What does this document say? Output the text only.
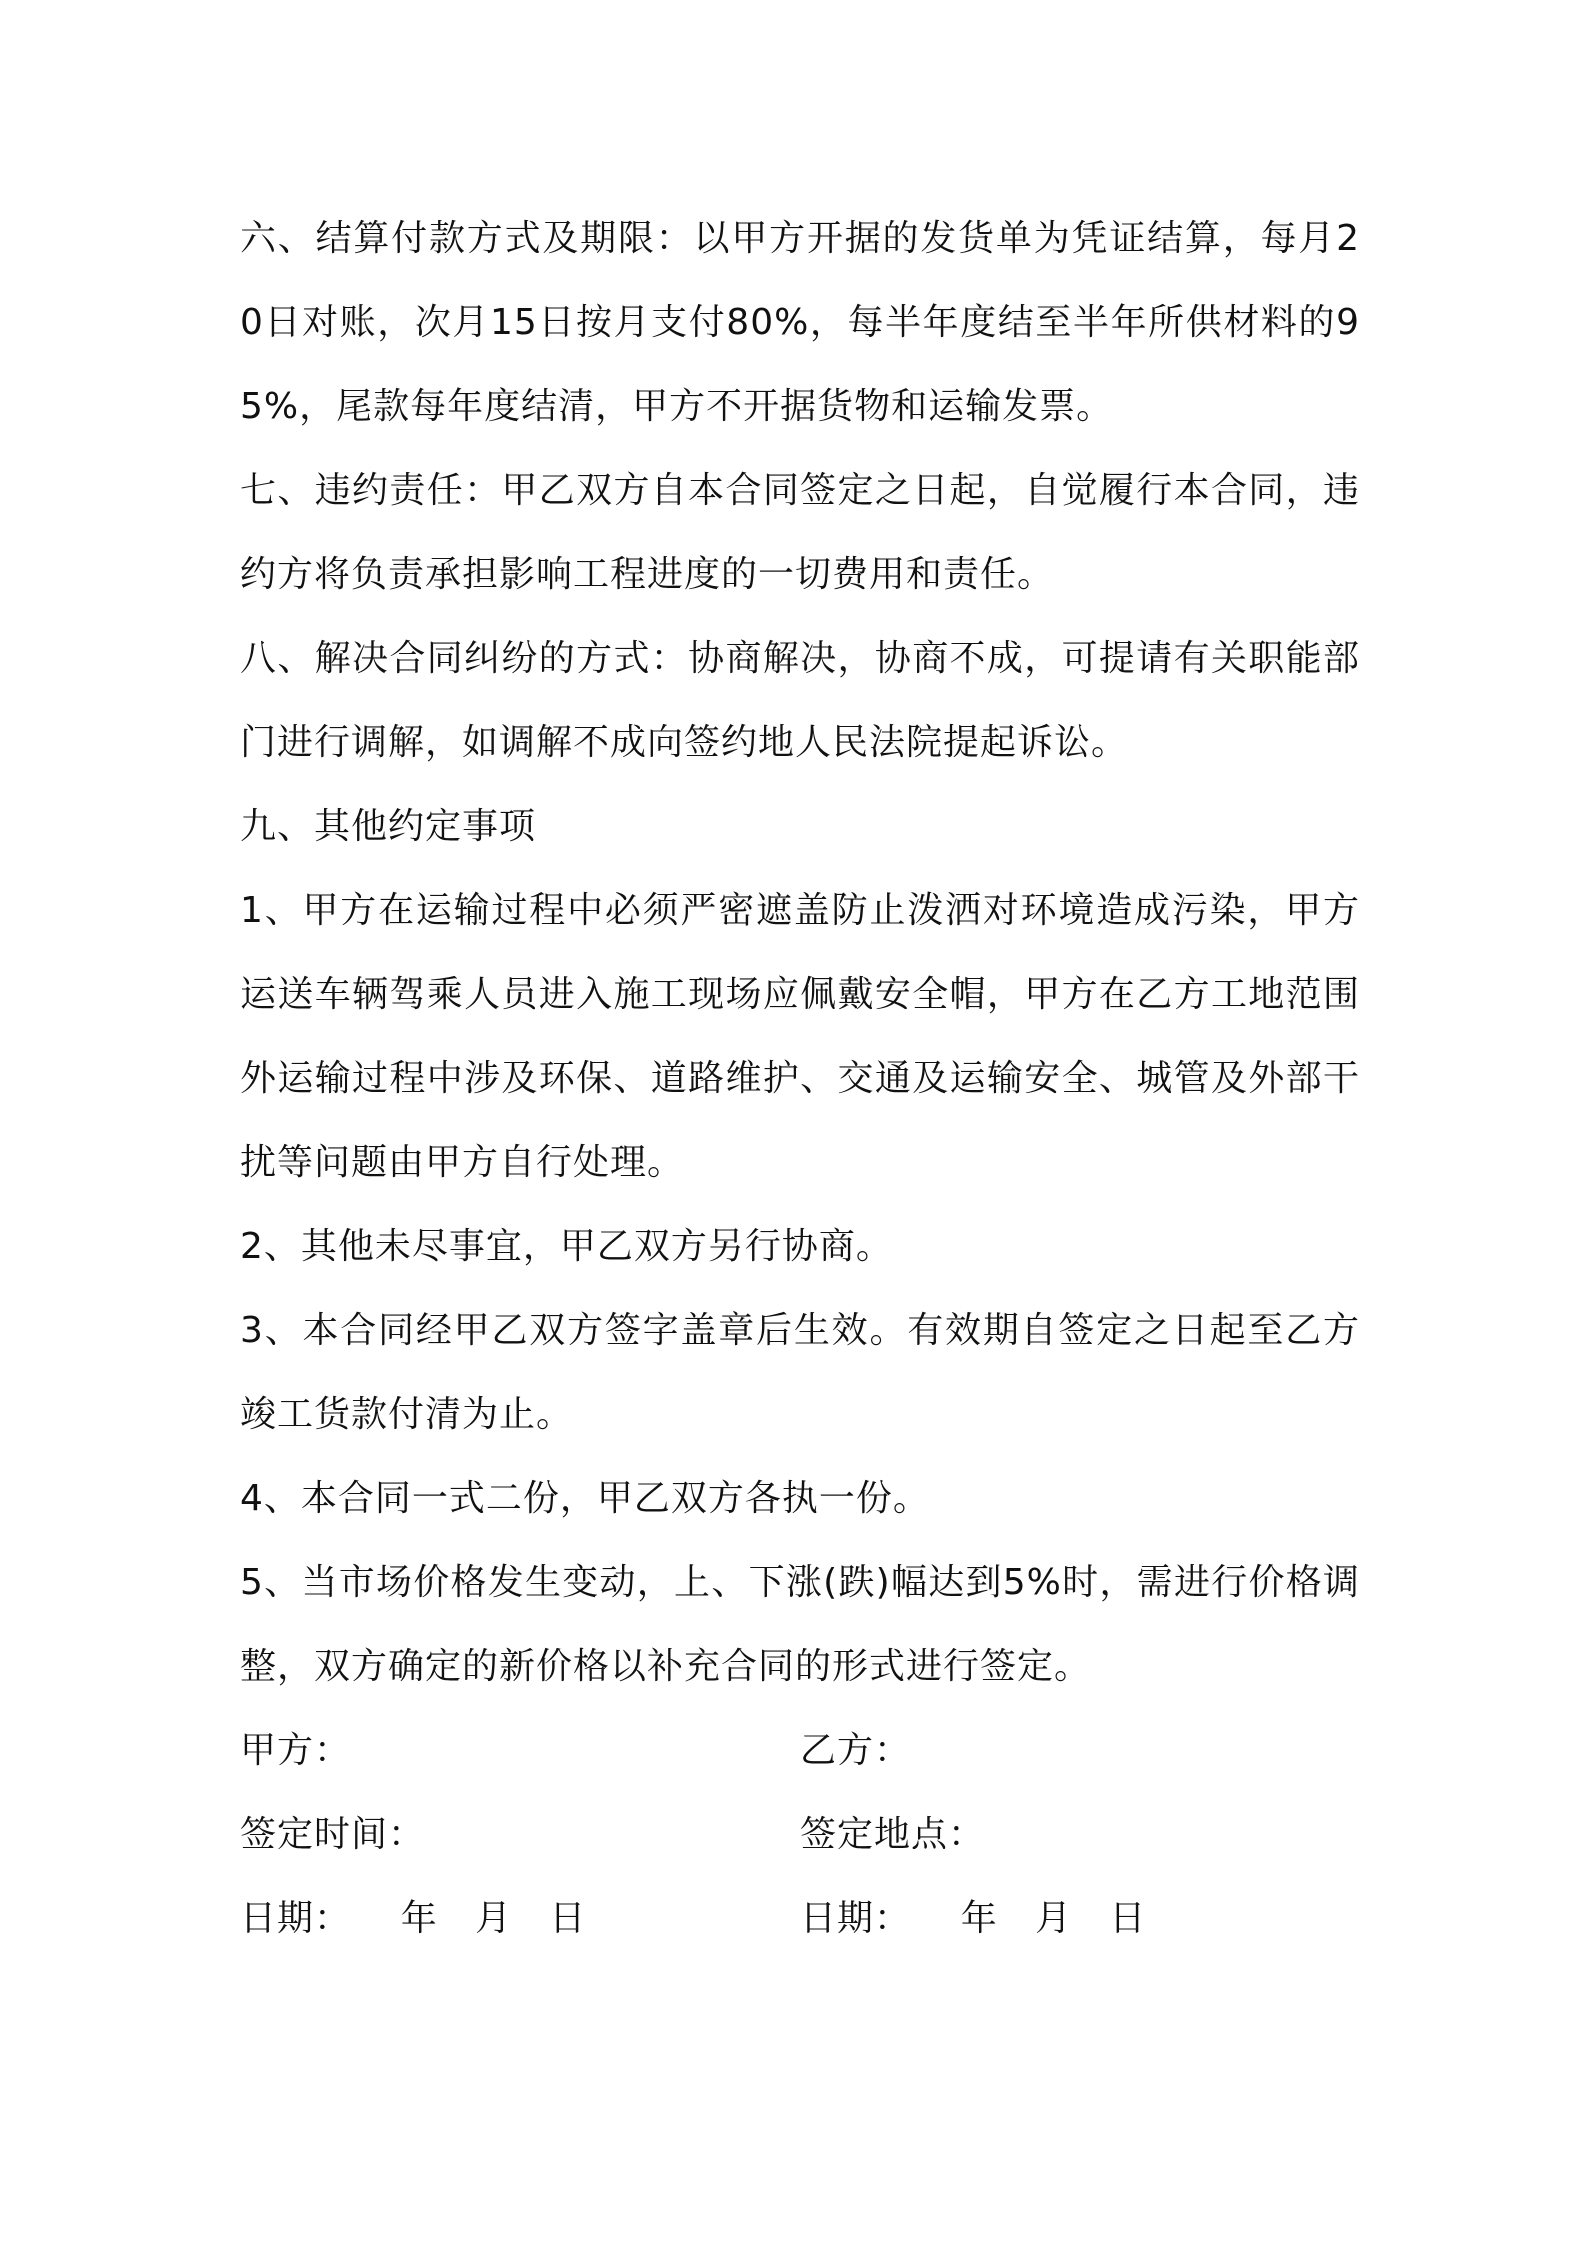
六、结算付款方式及期限：以甲方开据的发货单为凭证结算，每月20日对账，次月15日按月支付80%，每半年度结至半年所供材料的95%，尾款每年度结清，甲方不开据货物和运输发票。

七、违约责任：甲乙双方自本合同签定之日起，自觉履行本合同，违约方将负责承担影响工程进度的一切费用和责任。

八、解决合同纠纷的方式：协商解决，协商不成，可提请有关职能部门进行调解，如调解不成向签约地人民法院提起诉讼。

九、其他约定事项

1、甲方在运输过程中必须严密遮盖防止泼洒对环境造成污染，甲方运送车辆驾乘人员进入施工现场应佩戴安全帽，甲方在乙方工地范围外运输过程中涉及环保、道路维护、交通及运输安全、城管及外部干扰等问题由甲方自行处理。

2、其他未尽事宜，甲乙双方另行协商。

3、本合同经甲乙双方签字盖章后生效。有效期自签定之日起至乙方竣工货款付清为止。

4、本合同一式二份，甲乙双方各执一份。

5、当市场价格发生变动，上、下涨(跌)幅达到5%时，需进行价格调整，双方确定的新价格以补充合同的形式进行签定。

甲方：	乙方：
签定时间：	签定地点：
日期：    年   月   日	日期：    年   月   日
